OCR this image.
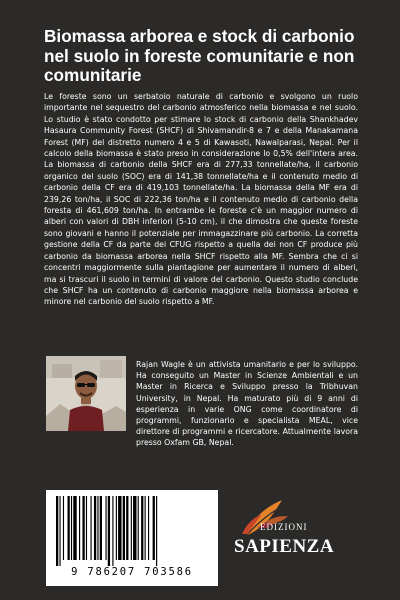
Biomassa arborea e stock di carbonio nel suolo in foreste comunitarie e non comunitarie

Le foreste sono un serbatoio naturale di carbonio e svolgono un ruolo importante nel sequestro del carbonio atmosferico nella biomassa e nel suolo. Lo studio è stato condotto per stimare lo stock di carbonio della Shankhadev Hasaura Community Forest (SHCF) di Shivamandir-8 e 7 e della Manakamana Forest (MF) del distretto numero 4 e 5 di Kawasoti, Nawalparasi, Nepal. Per il calcolo della biomassa è stato preso in considerazione lo 0,5% dell'intera area. La biomassa di carbonio della SHCF era di 277,33 tonnellate/ha, il carbonio organico del suolo (SOC) era di 141,38 tonnellate/ha e il contenuto medio di carbonio della CF era di 419,103 tonnellate/ha. La biomassa della MF era di 239,26 ton/ha, il SOC di 222,36 ton/ha e il contenuto medio di carbonio della foresta di 461,609 ton/ha. In entrambe le foreste c'è un maggior numero di alberi con valori di DBH inferiori (5-10 cm), il che dimostra che queste foreste sono giovani e hanno il potenziale per immagazzinare più carbonio. La corretta gestione della CF da parte dei CFUG rispetto a quella dei non CF produce più carbonio da biomassa arborea nella SHCF rispetto alla MF. Sembra che ci si concentri maggiormente sulla piantagione per aumentare il numero di alberi, ma si trascuri il suolo in termini di valore del carbonio. Questo studio conclude che SHCF ha un contenuto di carbonio maggiore nella biomassa arborea e minore nel carbonio del suolo rispetto a MF.

Rajan Wagle è un attivista umanitario e per lo sviluppo. Ha conseguito un Master in Scienze Ambientali e un Master in Ricerca e Sviluppo presso la Tribhuvan University, in Nepal. Ha maturato più di 9 anni di esperienza in varie ONG come coordinatore di programmi, funzionario e specialista MEAL, vice direttore di programmi e ricercatore. Attualmente lavora presso Oxfam GB, Nepal.

9 786207 703586
EDIZIONI
SAPIENZA
